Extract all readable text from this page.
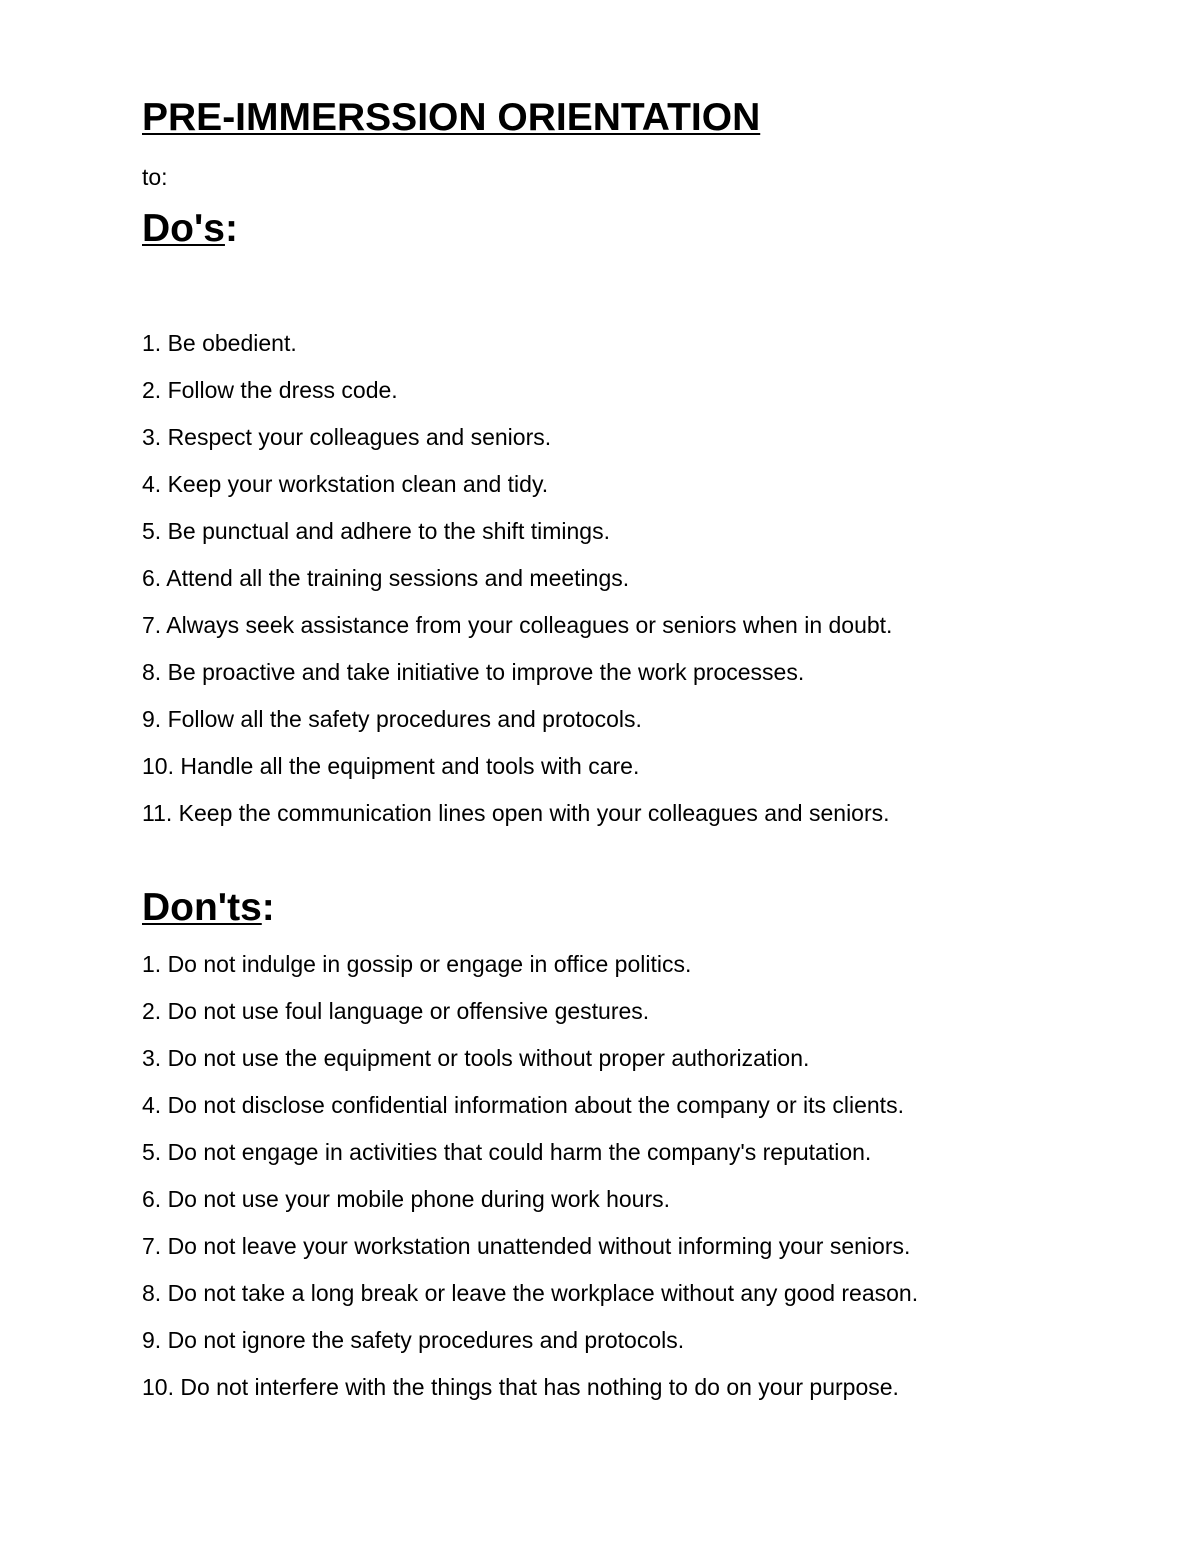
PRE-IMMERSSION ORIENTATION
to:
Do's:
1. Be obedient.
2. Follow the dress code.
3. Respect your colleagues and seniors.
4. Keep your workstation clean and tidy.
5. Be punctual and adhere to the shift timings.
6. Attend all the training sessions and meetings.
7. Always seek assistance from your colleagues or seniors when in doubt.
8. Be proactive and take initiative to improve the work processes.
9. Follow all the safety procedures and protocols.
10. Handle all the equipment and tools with care.
11. Keep the communication lines open with your colleagues and seniors.
Don'ts:
1. Do not indulge in gossip or engage in office politics.
2. Do not use foul language or offensive gestures.
3. Do not use the equipment or tools without proper authorization.
4. Do not disclose confidential information about the company or its clients.
5. Do not engage in activities that could harm the company's reputation.
6. Do not use your mobile phone during work hours.
7. Do not leave your workstation unattended without informing your seniors.
8. Do not take a long break or leave the workplace without any good reason.
9. Do not ignore the safety procedures and protocols.
10. Do not interfere with the things that has nothing to do on your purpose.
